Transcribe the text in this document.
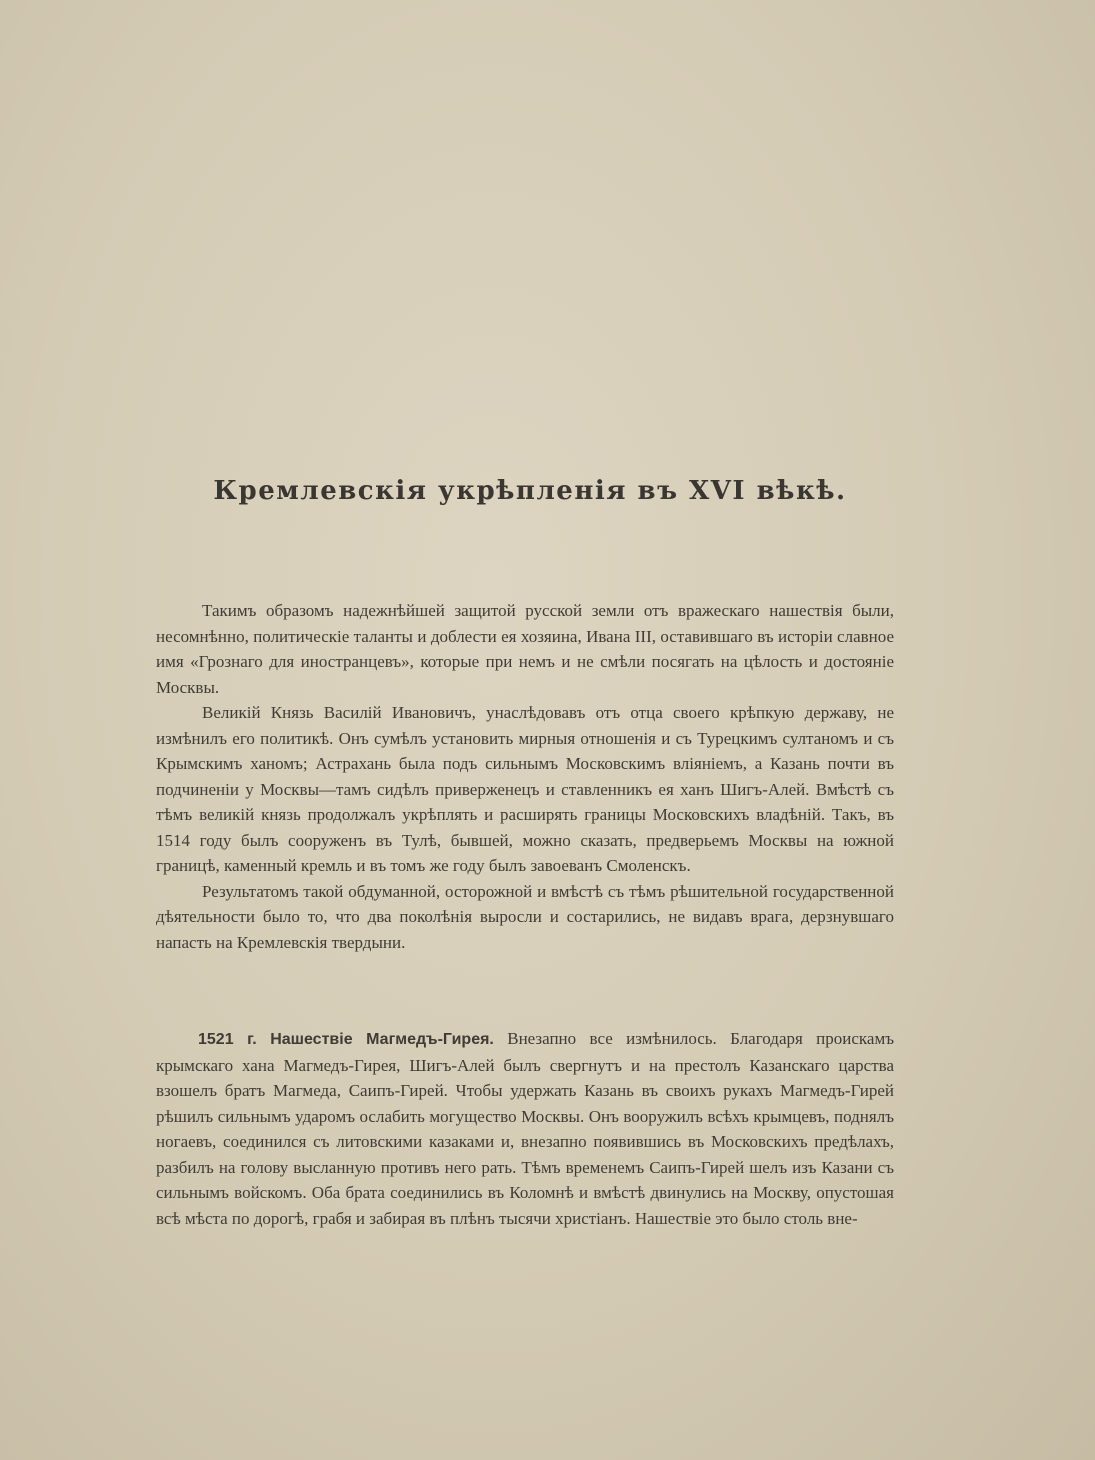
Кремлевскія укрѣпленія въ XVI вѣкѣ.

Такимъ образомъ надежнѣйшей защитой русской земли отъ вражескаго нашествія были, несомнѣнно, политическіе таланты и доблести ея хозяина, Ивана III, оставившаго въ исторіи славное имя «Грознаго для иностранцевъ», которые при немъ и не смѣли посягать на цѣлость и достояніе Москвы.

Великій Князь Василій Ивановичъ, унаслѣдовавъ отъ отца своего крѣпкую державу, не измѣнилъ его политикѣ. Онъ сумѣлъ установить мирныя отношенія и съ Турецкимъ султаномъ и съ Крымскимъ ханомъ; Астрахань была подъ сильнымъ Московскимъ вліяніемъ, а Казань почти въ подчиненіи у Москвы—тамъ сидѣлъ приверженецъ и ставленникъ ея ханъ Шигъ-Алей. Вмѣстѣ съ тѣмъ великій князь продолжалъ укрѣплять и расширять границы Московскихъ владѣній. Такъ, въ 1514 году былъ сооруженъ въ Тулѣ, бывшей, можно сказать, предверьемъ Москвы на южной границѣ, каменный кремль и въ томъ же году былъ завоеванъ Смоленскъ.

Результатомъ такой обдуманной, осторожной и вмѣстѣ съ тѣмъ рѣшительной государственной дѣятельности было то, что два поколѣнія выросли и состарились, не видавъ врага, дерзнувшаго напасть на Кремлевскія твердыни.

1521 г. Нашествіе Магмедъ-Гирея. Внезапно все измѣнилось. Благодаря проискамъ крымскаго хана Магмедъ-Гирея, Шигъ-Алей былъ свергнутъ и на престолъ Казанскаго царства взошелъ братъ Магмеда, Саипъ-Гирей. Чтобы удержать Казань въ своихъ рукахъ Магмедъ-Гирей рѣшилъ сильнымъ ударомъ ослабить могущество Москвы. Онъ вооружилъ всѣхъ крымцевъ, поднялъ ногаевъ, соединился съ литовскими казаками и, внезапно появившись въ Московскихъ предѣлахъ, разбилъ на голову высланную противъ него рать. Тѣмъ временемъ Саипъ-Гирей шелъ изъ Казани съ сильнымъ войскомъ. Оба брата соединились въ Коломнѣ и вмѣстѣ двинулись на Москву, опустошая всѣ мѣста по дорогѣ, грабя и забирая въ плѣнъ тысячи христіанъ. Нашествіе это было столь вне-
